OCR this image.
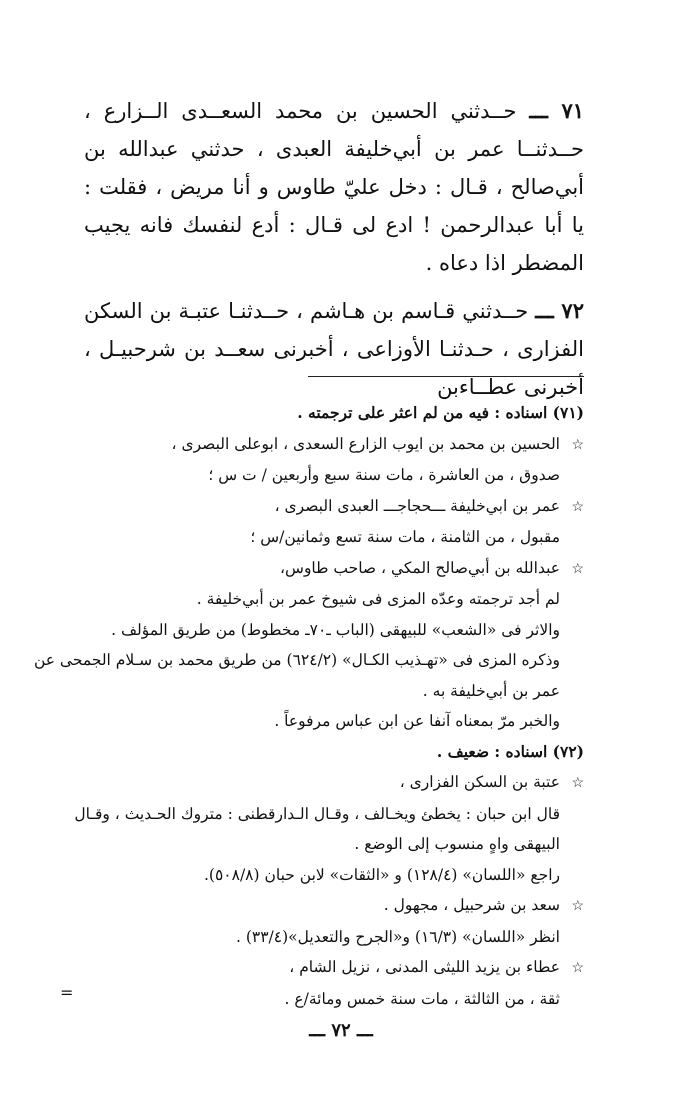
٧١ ـــ حــدثني الحسين بن محمد السعــدى الــزارع ، حــدثنــا عمر بن أبي‌خليفة العبدى ، حدثني عبدالله بن أبي‌صالح ، قـال : دخل عليّ طاوس و أنا مريض ، فقلت : يا أبا عبدالرحمن ! ادع لى قـال : أدع لنفسك فانه يجيب المضطر اذا دعاه .

٧٢ ـــ حــدثني قـاسم بن هـاشم ، حــدثنـا عتبـة بن السكن الفزارى ، حـدثنـا الأوزاعى ، أخبرنى سعــد بن شرحبيـل ، أخبرنى عطــاءبن

(٧١) اسناده : فيه من لم اعثر على ترجمته .
☆الحسين بن محمد بن ايوب الزارع السعدى ، ابوعلى البصرى ،
صدوق ، من العاشرة ، مات سنة سبع وأربعين / ت س ؛
☆عمر بن ابي‌خليفة ـــحجاجـــ العبدى البصرى ،
مقبول ، من الثامنة ، مات سنة تسع وثمانين/س ؛
☆عبدالله بن أبي‌صالح المكي ، صاحب طاوس،
لم أجد ترجمته وعدّه المزى فى شيوخ عمر بن أبي‌خليفة .
والاثر فى «الشعب» للبيهقى (الباب ـ٧٠ـ مخطوط) من طريق المؤلف .
وذكره المزى فى «تهـذيب الكـال» (٦٢٤/٢) من طريق محمد بن سـلام الجمحى عن
عمر بن أبي‌خليفة به .
والخبر مرّ بمعناه آنفا عن ابن عباس مرفوعاً .
(٧٢) اسناده : ضعيف .
☆عتبة بن السكن الفزارى ،
قال ابن حبان : يخطئ ويخـالف ، وقـال الـدارقطنى : متروك الحـديث ، وقـال
البيهقى واهٍ منسوب إلى الوضع .
راجع «اللسان» (١٢٨/٤) و «الثقات» لابن حبان (٥٠٨/٨).
☆سعد بن شرحبيل ، مجهول .
انظر «اللسان» (١٦/٣) و«الجرح والتعديل»(٣٣/٤) .
☆عطاء بن يزيد الليثى المدنى ، نزيل الشام ،
ثقة ، من الثالثة ، مات سنة خمس ومائة/ع .
=
ـــ ٧٢ ـــ
